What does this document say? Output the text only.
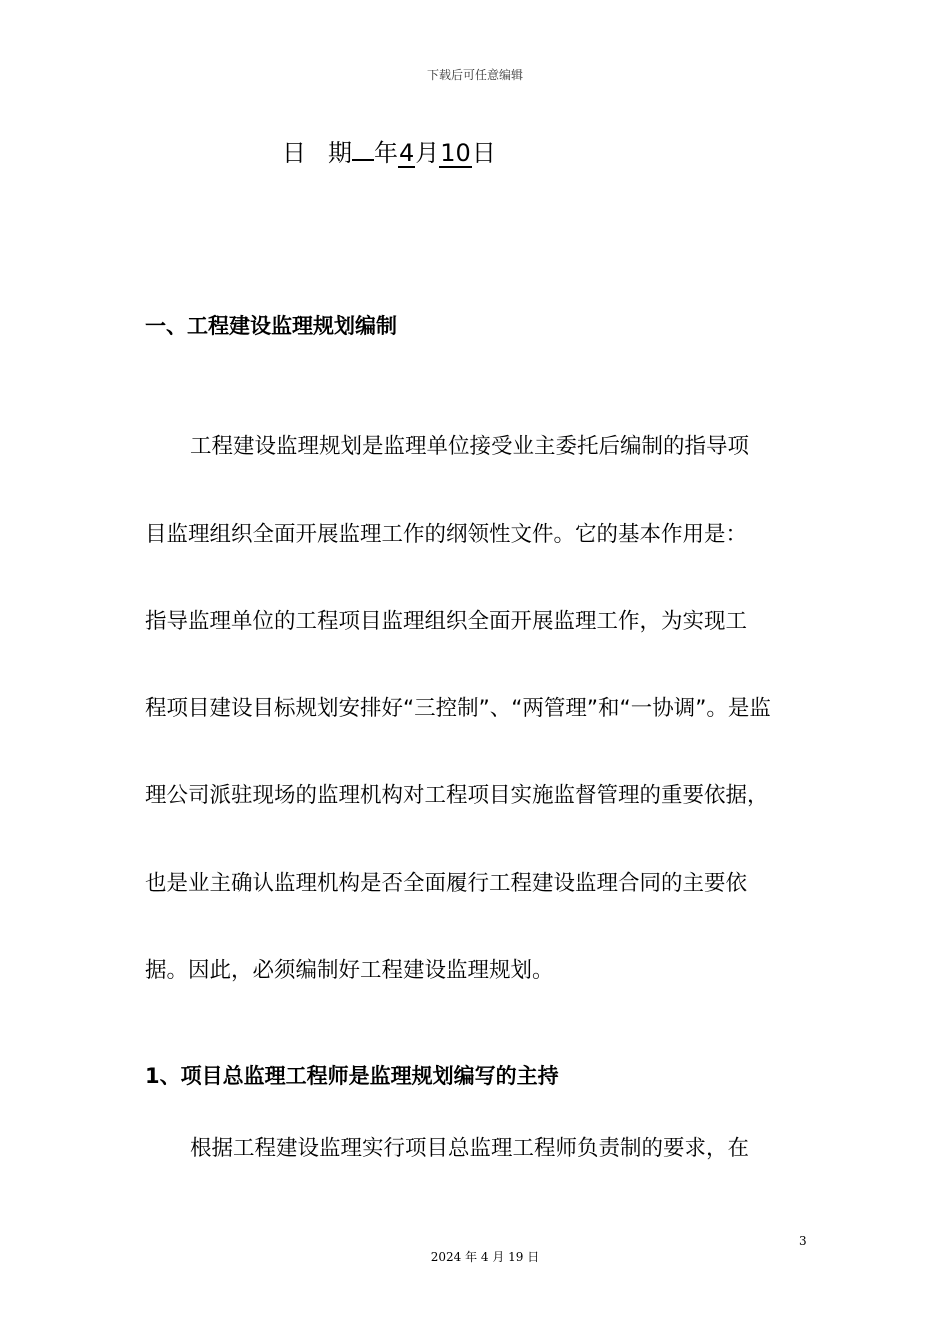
下载后可任意编辑
日 期 年4月10日
一、工程建设监理规划编制
工程建设监理规划是监理单位接受业主委托后编制的指导项
目监理组织全面开展监理工作的纲领性文件。它的基本作用是：
指导监理单位的工程项目监理组织全面开展监理工作，为实现工
程项目建设目标规划安排好“三控制”、“两管理”和“一协调”。是监
理公司派驻现场的监理机构对工程项目实施监督管理的重要依据，
也是业主确认监理机构是否全面履行工程建设监理合同的主要依
据。因此，必须编制好工程建设监理规划。
1、项目总监理工程师是监理规划编写的主持
根据工程建设监理实行项目总监理工程师负责制的要求，在
3
2024 年 4 月 19 日
